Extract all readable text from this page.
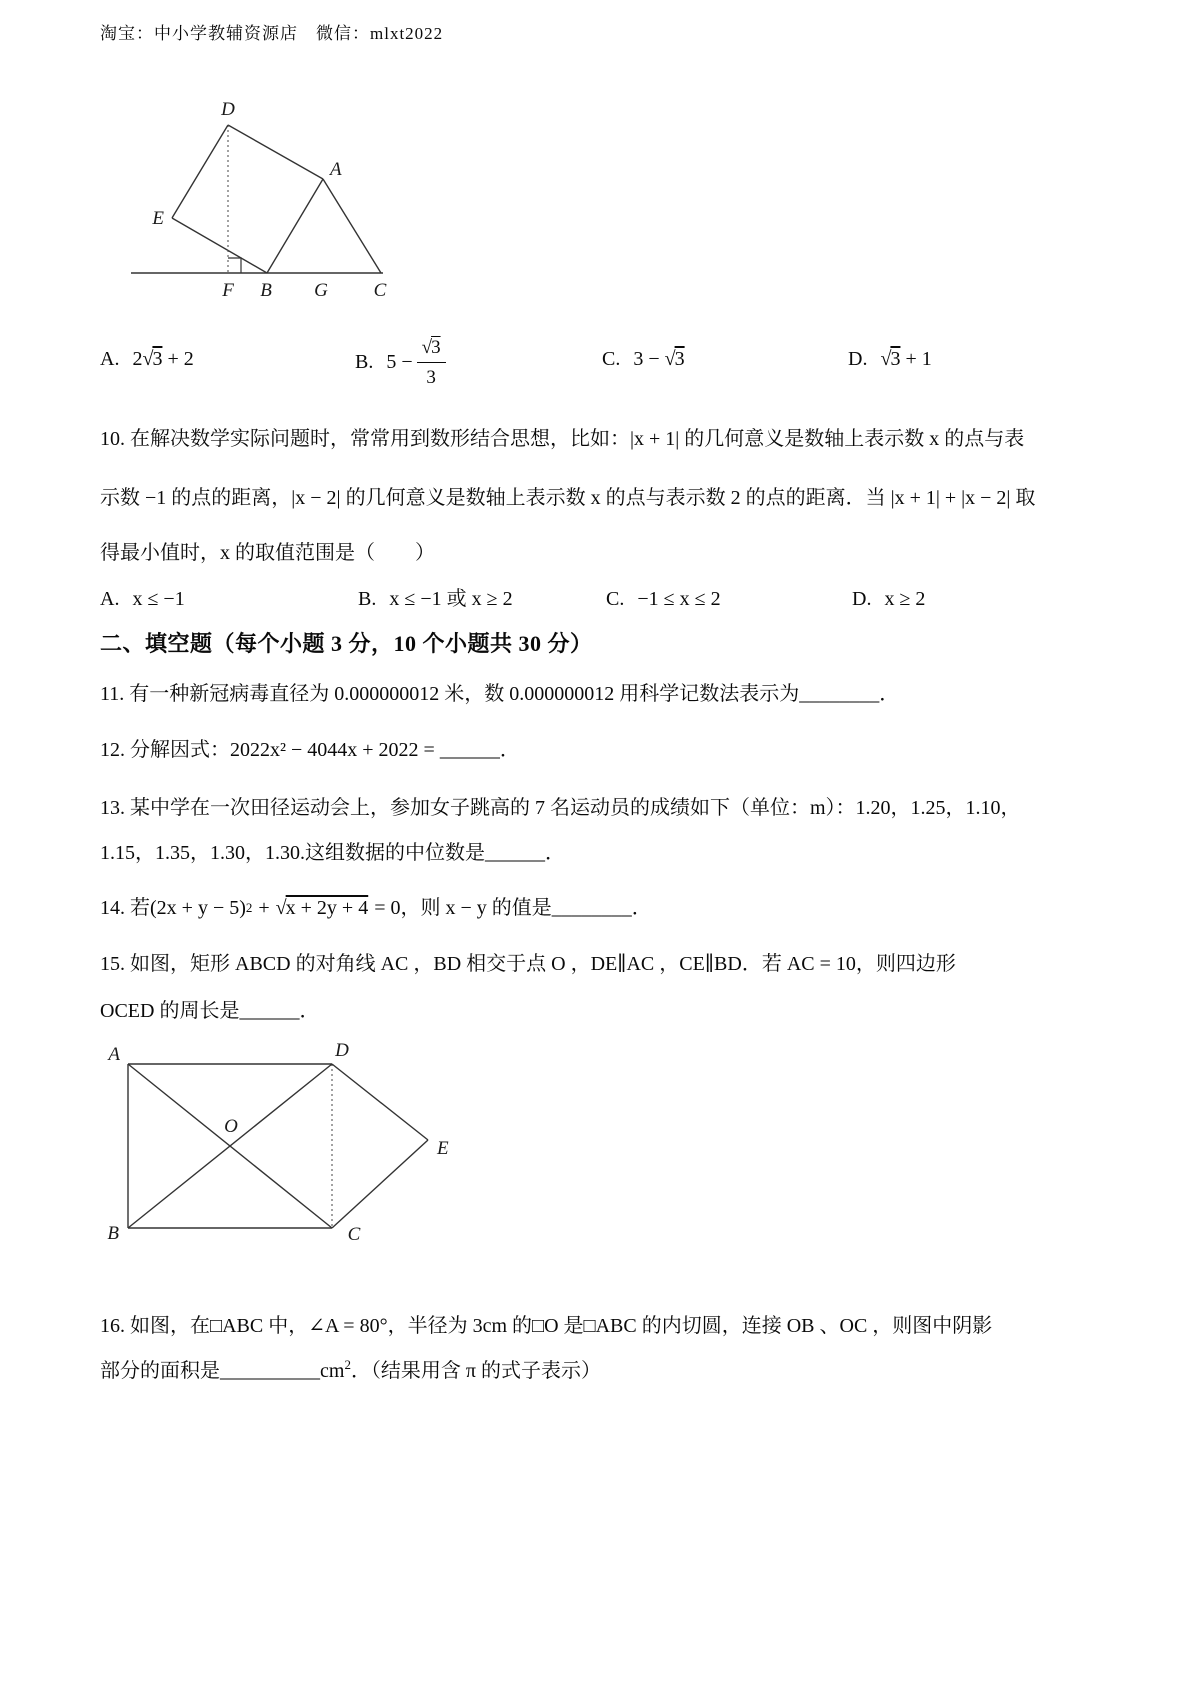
淘宝：中小学教辅资源店　微信：mlxt2022
D
A
E
F B G C
A. 2 √ 3
+ 2	B. $5 - \frac{√3}{3}$	C. 3 −
√ 3	D. √ 3
+ 1
10. 在解决数学实际问题时，常常用到数形结合思想，比如：|x + 1| 的几何意义是数轴上表示数 x 的点与表
示数 −1 的点的距离，|x − 2| 的几何意义是数轴上表示数 x 的点与表示数 2 的点的距离．当 |x + 1| + |x − 2| 取
得最小值时，x 的取值范围是（　　）
A. x ≤ −1	B. x ≤ −1 或 x ≥ 2	C. −1 ≤ x ≤ 2	D. x ≥ 2
二、填空题（每个小题 3 分，10 个小题共 30 分）
11. 有一种新冠病毒直径为 0.000000012 米，数 0.000000012 用科学记数法表示为________．
12. 分解因式：2022x² − 4044x + 2022 = ______．
13. 某中学在一次田径运动会上，参加女子跳高的 7 名运动员的成绩如下（单位：m）：1.20，1.25，1.10，
1.15，1.35，1.30，1.30.这组数据的中位数是______．
14. 若 (2x + y − 5) 2 + √ x + 2y + 4 = 0，则 x − y 的值是________．
15. 如图，矩形 ABCD 的对角线 AC ，BD 相交于点 O ，DE∥AC ，CE∥BD．若 AC = 10，则四边形
OCED 的周长是______．
A	D
B	C
O
E
16. 如图，在□ABC 中，∠A = 80°，半径为 3cm 的□O 是□ABC 的内切圆，连接 OB 、OC ，则图中阴影
部分的面积是$\_\_\_\_\_\_\_\_\_\_cm^2$．（结果用含 π 的式子表示）
